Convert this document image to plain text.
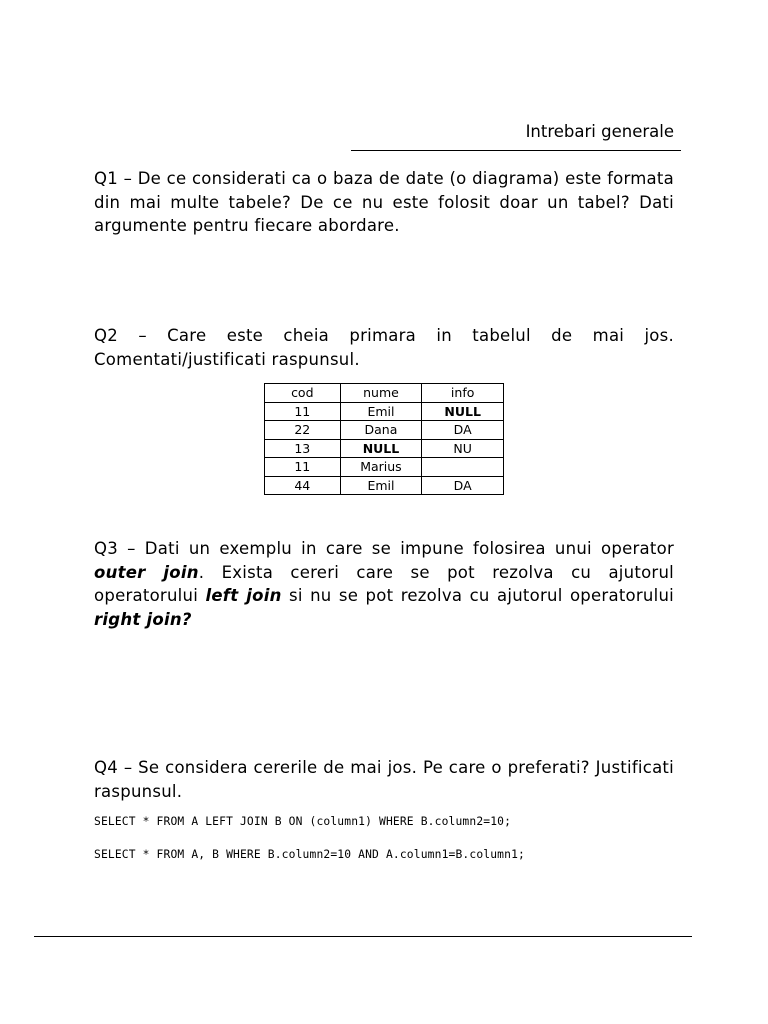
Intrebari generale

Q1 – De ce considerati ca o baza de date (o diagrama) este formata din mai multe tabele? De ce nu este folosit doar un tabel? Dati argumente pentru fiecare abordare.

Q2 – Care este cheia primara in tabelul de mai jos. Comentati/justificati raspunsul.

cod	nume	info
11	Emil	NULL
22	Dana	DA
13	NULL	NU
11	Marius	
44	Emil	DA

Q3 – Dati un exemplu in care se impune folosirea unui operator outer join. Exista cereri care se pot rezolva cu ajutorul operatorului left join si nu se pot rezolva cu ajutorul operatorului right join?

Q4 – Se considera cererile de mai jos. Pe care o preferati? Justificati raspunsul.

SELECT * FROM A LEFT JOIN B ON (column1) WHERE B.column2=10;
SELECT * FROM A, B WHERE B.column2=10 AND A.column1=B.column1;
